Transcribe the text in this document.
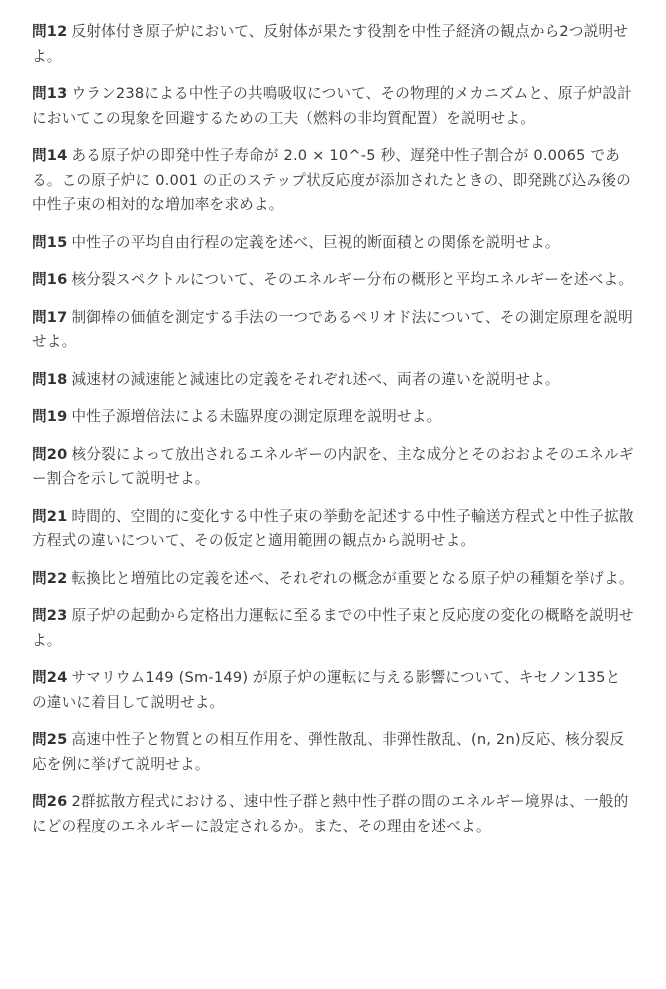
問12 反射体付き原子炉において、反射体が果たす役割を中性子経済の観点から2つ説明せよ。

問13 ウラン238による中性子の共鳴吸収について、その物理的メカニズムと、原子炉設計においてこの現象を回避するための工夫（燃料の非均質配置）を説明せよ。

問14 ある原子炉の即発中性子寿命が 2.0 × 10^-5 秒、遅発中性子割合が 0.0065 である。この原子炉に 0.001 の正のステップ状反応度が添加されたときの、即発跳び込み後の中性子束の相対的な増加率を求めよ。

問15 中性子の平均自由行程の定義を述べ、巨視的断面積との関係を説明せよ。

問16 核分裂スペクトルについて、そのエネルギー分布の概形と平均エネルギーを述べよ。

問17 制御棒の価値を測定する手法の一つであるペリオド法について、その測定原理を説明せよ。

問18 減速材の減速能と減速比の定義をそれぞれ述べ、両者の違いを説明せよ。

問19 中性子源増倍法による未臨界度の測定原理を説明せよ。

問20 核分裂によって放出されるエネルギーの内訳を、主な成分とそのおおよそのエネルギー割合を示して説明せよ。

問21 時間的、空間的に変化する中性子束の挙動を記述する中性子輸送方程式と中性子拡散方程式の違いについて、その仮定と適用範囲の観点から説明せよ。

問22 転換比と増殖比の定義を述べ、それぞれの概念が重要となる原子炉の種類を挙げよ。

問23 原子炉の起動から定格出力運転に至るまでの中性子束と反応度の変化の概略を説明せよ。

問24 サマリウム149 (Sm-149) が原子炉の運転に与える影響について、キセノン135との違いに着目して説明せよ。

問25 高速中性子と物質との相互作用を、弾性散乱、非弾性散乱、(n, 2n)反応、核分裂反応を例に挙げて説明せよ。

問26 2群拡散方程式における、速中性子群と熱中性子群の間のエネルギー境界は、一般的にどの程度のエネルギーに設定されるか。また、その理由を述べよ。
